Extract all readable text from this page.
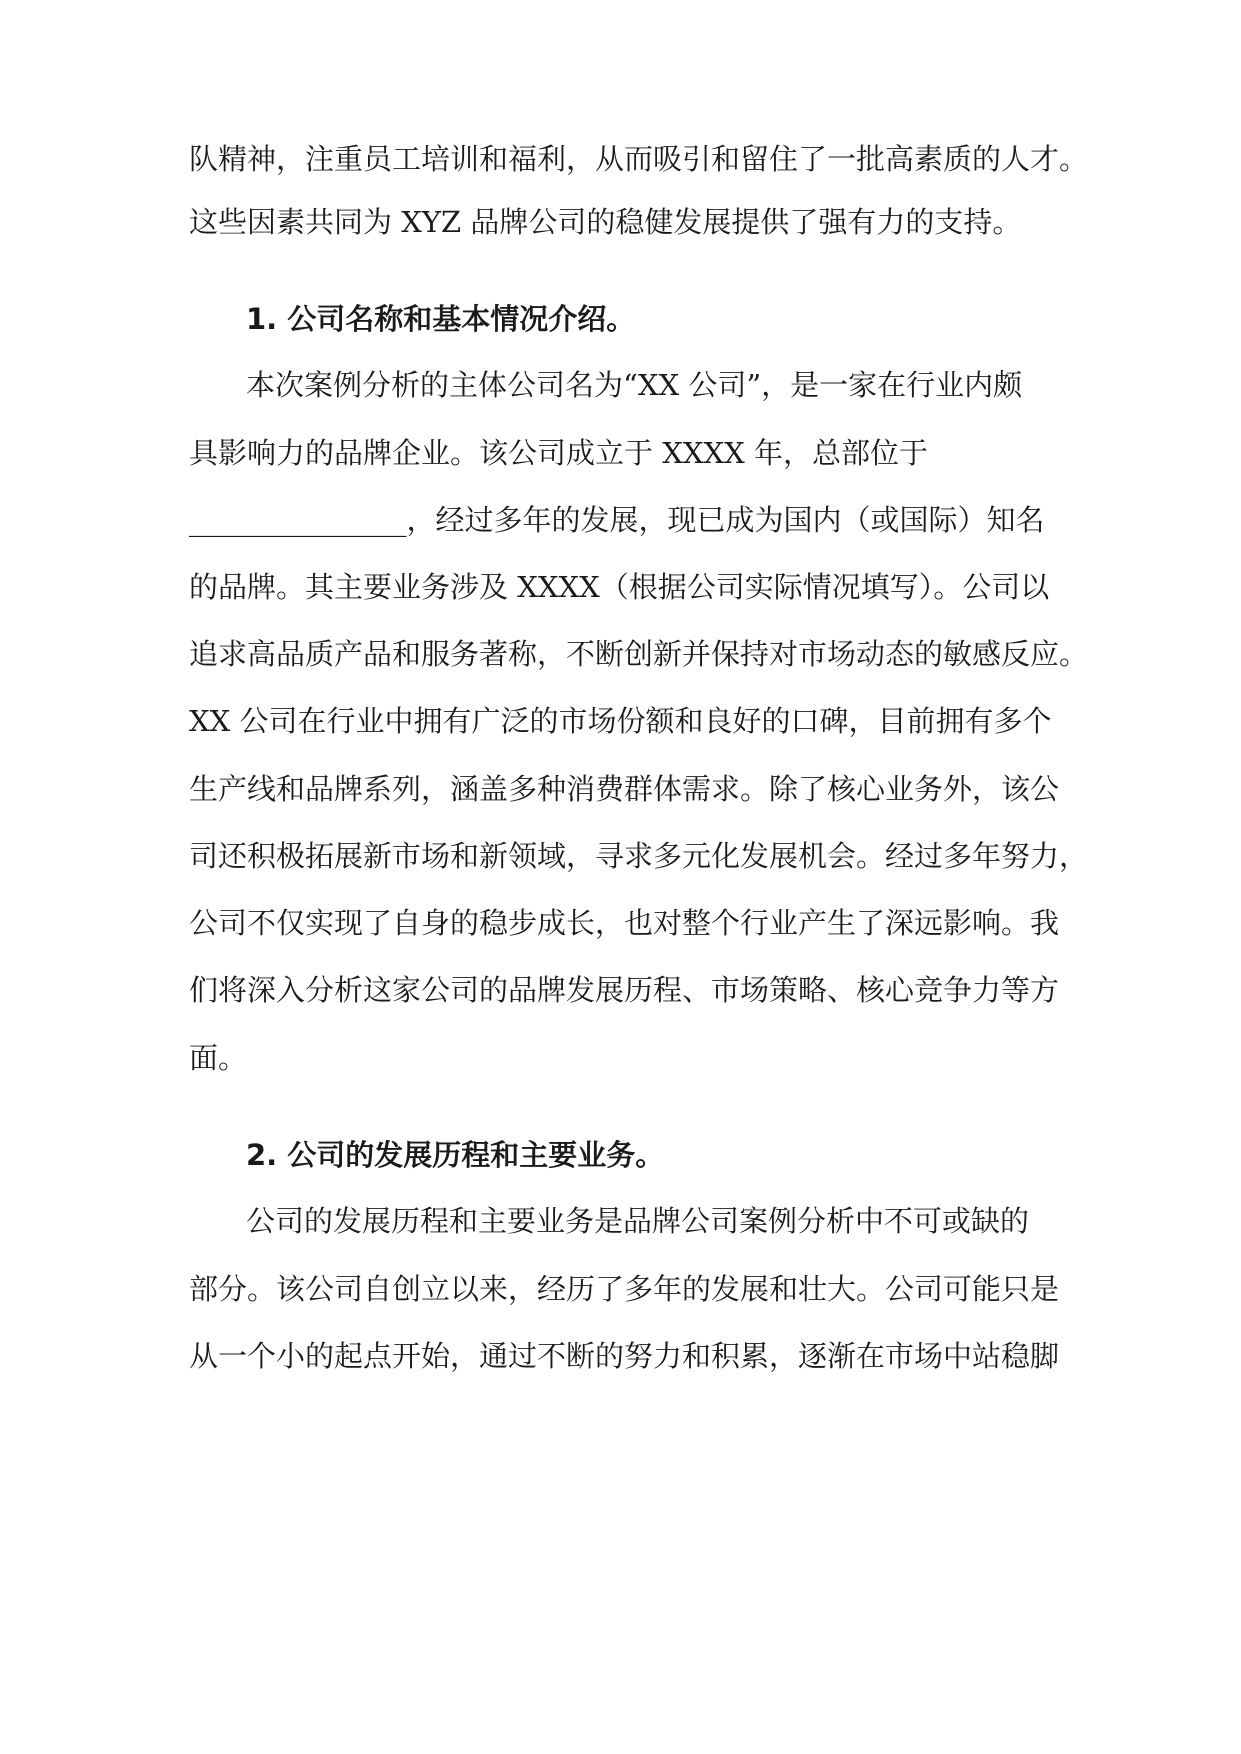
队精神，注重员工培训和福利，从而吸引和留住了一批高素质的人才。

这些因素共同为 XYZ 品牌公司的稳健发展提供了强有力的支持。

1. 公司名称和基本情况介绍。

本次案例分析的主体公司名为“XX 公司”，是一家在行业内颇

具影响力的品牌企业。该公司成立于 XXXX 年，总部位于

_______________，经过多年的发展，现已成为国内（或国际）知名

的品牌。其主要业务涉及 XXXX（根据公司实际情况填写）。公司以

追求高品质产品和服务著称，不断创新并保持对市场动态的敏感反应。

XX 公司在行业中拥有广泛的市场份额和良好的口碑，目前拥有多个

生产线和品牌系列，涵盖多种消费群体需求。除了核心业务外，该公

司还积极拓展新市场和新领域，寻求多元化发展机会。经过多年努力，

公司不仅实现了自身的稳步成长，也对整个行业产生了深远影响。我

们将深入分析这家公司的品牌发展历程、市场策略、核心竞争力等方

面。

2. 公司的发展历程和主要业务。

公司的发展历程和主要业务是品牌公司案例分析中不可或缺的

部分。该公司自创立以来，经历了多年的发展和壮大。公司可能只是

从一个小的起点开始，通过不断的努力和积累，逐渐在市场中站稳脚
